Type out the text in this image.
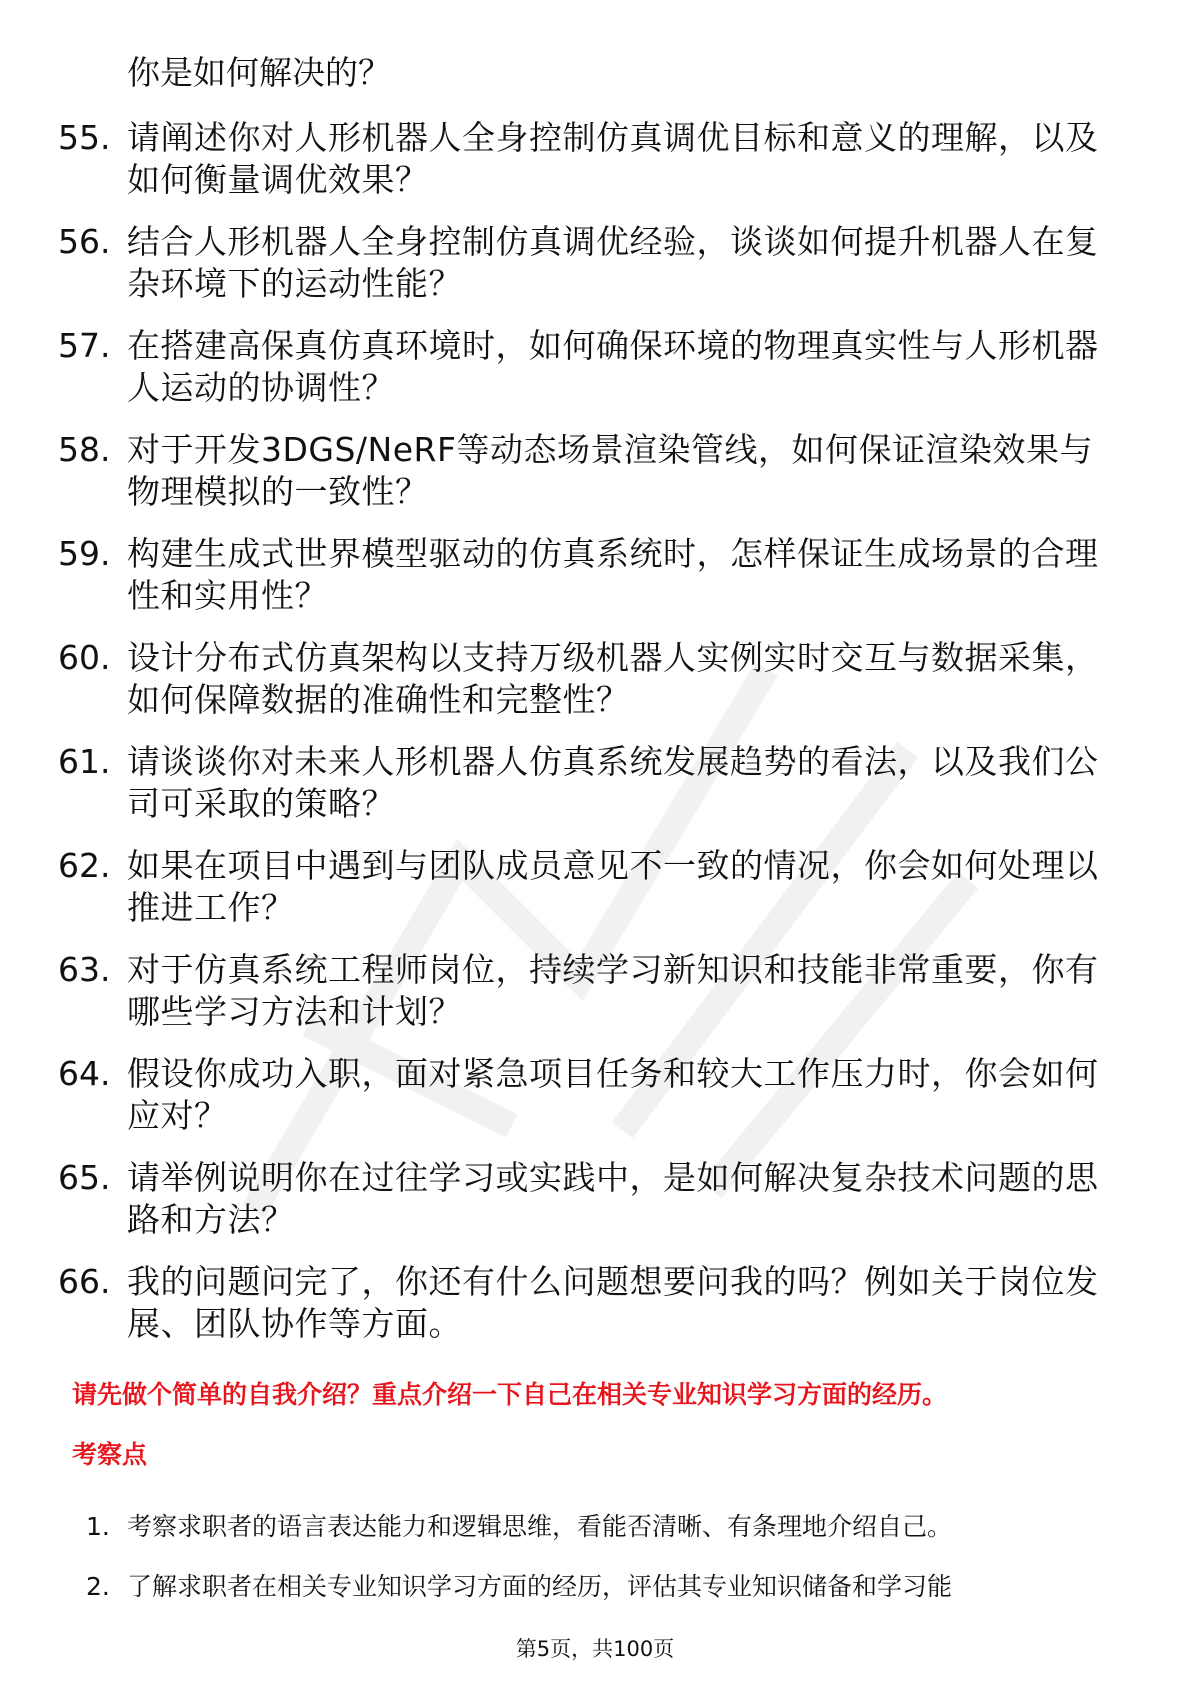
你是如何解决的？
55. 请阐述你对人形机器人全身控制仿真调优目标和意义的理解，以及如何衡量调优效果？
56. 结合人形机器人全身控制仿真调优经验，谈谈如何提升机器人在复杂环境下的运动性能？
57. 在搭建高保真仿真环境时，如何确保环境的物理真实性与人形机器人运动的协调性？
58. 对于开发3DGS/NeRF等动态场景渲染管线，如何保证渲染效果与物理模拟的一致性？
59. 构建生成式世界模型驱动的仿真系统时，怎样保证生成场景的合理性和实用性？
60. 设计分布式仿真架构以支持万级机器人实例实时交互与数据采集，如何保障数据的准确性和完整性？
61. 请谈谈你对未来人形机器人仿真系统发展趋势的看法，以及我们公司可采取的策略？
62. 如果在项目中遇到与团队成员意见不一致的情况，你会如何处理以推进工作？
63. 对于仿真系统工程师岗位，持续学习新知识和技能非常重要，你有哪些学习方法和计划？
64. 假设你成功入职，面对紧急项目任务和较大工作压力时，你会如何应对？
65. 请举例说明你在过往学习或实践中，是如何解决复杂技术问题的思路和方法？
66. 我的问题问完了，你还有什么问题想要问我的吗？例如关于岗位发展、团队协作等方面。
请先做个简单的自我介绍？重点介绍一下自己在相关专业知识学习方面的经历。
考察点
1. 考察求职者的语言表达能力和逻辑思维，看能否清晰、有条理地介绍自己。
2. 了解求职者在相关专业知识学习方面的经历，评估其专业知识储备和学习能
第5页，共100页
